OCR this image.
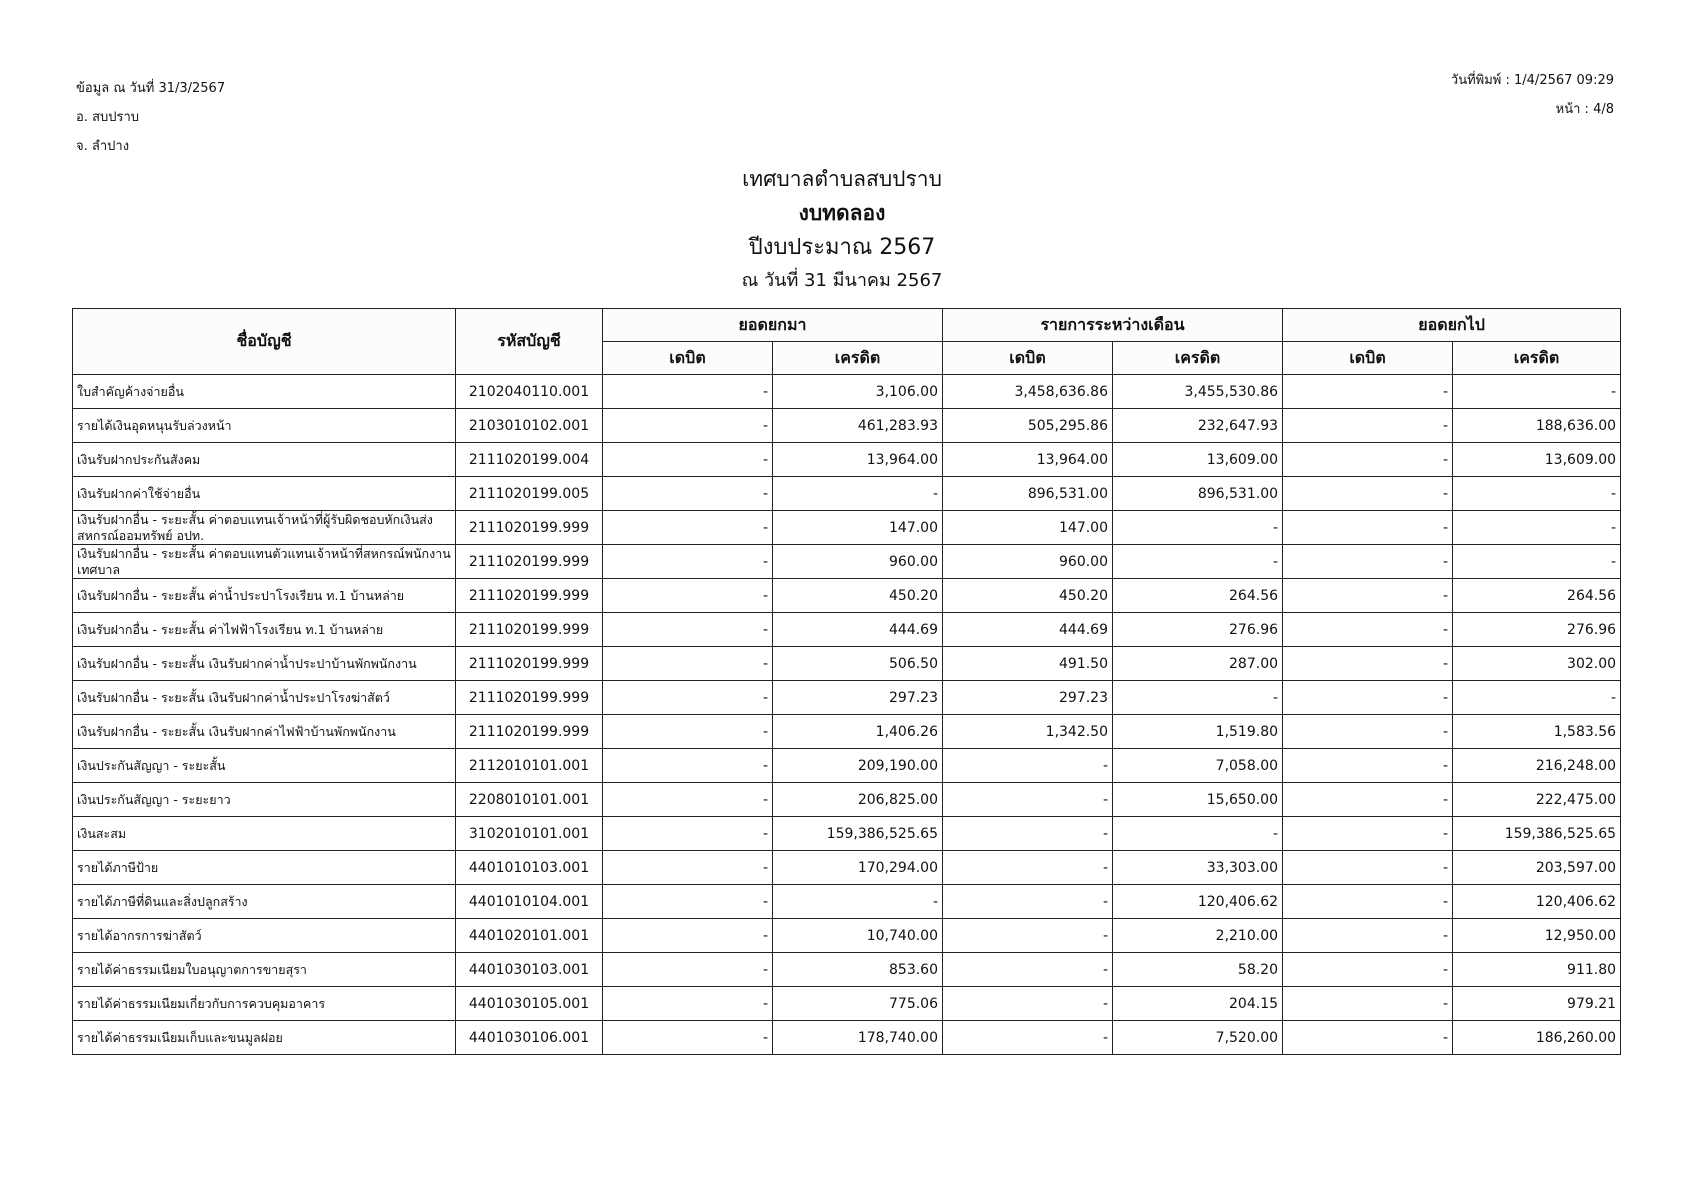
ข้อมูล ณ วันที่ 31/3/2567
อ. สบปราบ
จ. ลำปาง
วันที่พิมพ์ : 1/4/2567 09:29
หน้า : 4/8
เทศบาลตำบลสบปราบ
งบทดลอง
ปีงบประมาณ 2567
ณ วันที่ 31 มีนาคม 2567
ชื่อบัญชี	รหัสบัญชี	ยอดยกมา		รายการระหว่างเดือน		ยอดยกไป	
		เดบิต	เครดิต	เดบิต	เครดิต	เดบิต	เครดิต
ใบสำคัญค้างจ่ายอื่น	2102040110.001	-	3,106.00	3,458,636.86	3,455,530.86	-	-
รายได้เงินอุดหนุนรับล่วงหน้า	2103010102.001	-	461,283.93	505,295.86	232,647.93	-	188,636.00
เงินรับฝากประกันสังคม	2111020199.004	-	13,964.00	13,964.00	13,609.00	-	13,609.00
เงินรับฝากค่าใช้จ่ายอื่น	2111020199.005	-	-	896,531.00	896,531.00	-	-
เงินรับฝากอื่น - ระยะสั้น ค่าตอบแทนเจ้าหน้าที่ผู้รับผิดชอบหักเงินส่งสหกรณ์ออมทรัพย์ อปท.	2111020199.999	-	147.00	147.00	-	-	-
เงินรับฝากอื่น - ระยะสั้น ค่าตอบแทนตัวแทนเจ้าหน้าที่สหกรณ์พนักงานเทศบาล	2111020199.999	-	960.00	960.00	-	-	-
เงินรับฝากอื่น - ระยะสั้น ค่าน้ำประปาโรงเรียน ท.1 บ้านหล่าย	2111020199.999	-	450.20	450.20	264.56	-	264.56
เงินรับฝากอื่น - ระยะสั้น ค่าไฟฟ้าโรงเรียน ท.1 บ้านหล่าย	2111020199.999	-	444.69	444.69	276.96	-	276.96
เงินรับฝากอื่น - ระยะสั้น เงินรับฝากค่าน้ำประปาบ้านพักพนักงาน	2111020199.999	-	506.50	491.50	287.00	-	302.00
เงินรับฝากอื่น - ระยะสั้น เงินรับฝากค่าน้ำประปาโรงฆ่าสัตว์	2111020199.999	-	297.23	297.23	-	-	-
เงินรับฝากอื่น - ระยะสั้น เงินรับฝากค่าไฟฟ้าบ้านพักพนักงาน	2111020199.999	-	1,406.26	1,342.50	1,519.80	-	1,583.56
เงินประกันสัญญา - ระยะสั้น	2112010101.001	-	209,190.00	-	7,058.00	-	216,248.00
เงินประกันสัญญา - ระยะยาว	2208010101.001	-	206,825.00	-	15,650.00	-	222,475.00
เงินสะสม	3102010101.001	-	159,386,525.65	-	-	-	159,386,525.65
รายได้ภาษีป้าย	4401010103.001	-	170,294.00	-	33,303.00	-	203,597.00
รายได้ภาษีที่ดินและสิ่งปลูกสร้าง	4401010104.001	-	-	-	120,406.62	-	120,406.62
รายได้อากรการฆ่าสัตว์	4401020101.001	-	10,740.00	-	2,210.00	-	12,950.00
รายได้ค่าธรรมเนียมใบอนุญาตการขายสุรา	4401030103.001	-	853.60	-	58.20	-	911.80
รายได้ค่าธรรมเนียมเกี่ยวกับการควบคุมอาคาร	4401030105.001	-	775.06	-	204.15	-	979.21
รายได้ค่าธรรมเนียมเก็บและขนมูลฝอย	4401030106.001	-	178,740.00	-	7,520.00	-	186,260.00
